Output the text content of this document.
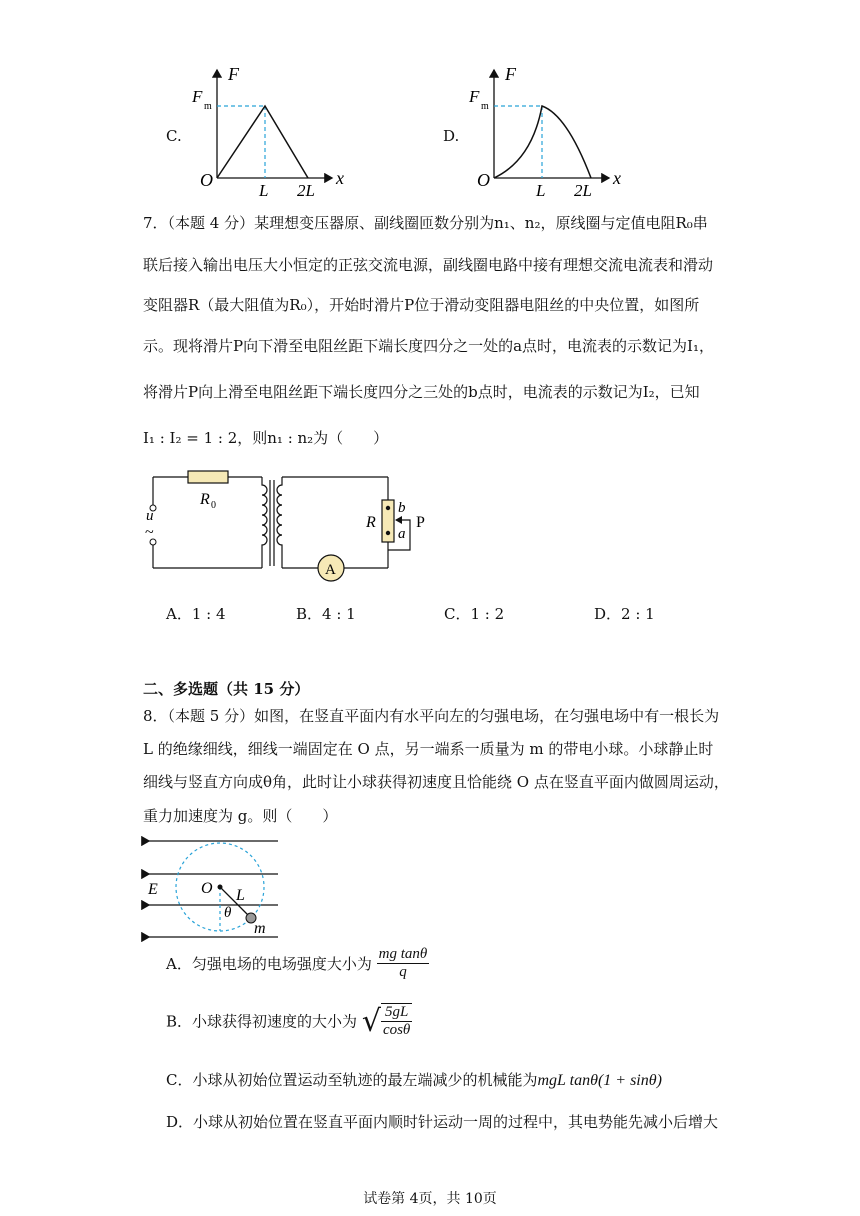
C.
F
F
m
x
O
L 2L
D.
F
F
m
x
O
L 2L
7．（本题 4 分）某理想变压器原、副线圈匝数分别为n₁、n₂，原线圈与定值电阻R₀串
联后接入输出电压大小恒定的正弦交流电源，副线圈电路中接有理想交流电流表和滑动
变阻器R（最大阻值为R₀），开始时滑片P位于滑动变阻器电阻丝的中央位置，如图所
示。现将滑片P向下滑至电阻丝距下端长度四分之一处的a点时，电流表的示数记为I₁，
将滑片P向上滑至电阻丝距下端长度四分之三处的b点时，电流表的示数记为I₂，已知
I₁ : I₂ = 1 : 2，则n₁ : n₂为（　　）
u
~
R 0
R
b
P
a
A
A．1 : 4	B．4 : 1	C．1 : 2	D．2 : 1
二、多选题（共 15 分）
8．（本题 5 分）如图，在竖直平面内有水平向左的匀强电场，在匀强电场中有一根长为
L 的绝缘细线，细线一端固定在 O 点，另一端系一质量为 m 的带电小球。小球静止时
细线与竖直方向成θ角，此时让小球获得初速度且恰能绕 O 点在竖直平面内做圆周运动，
重力加速度为 g。则（　　）
E	O L
θ
m
A．匀强电场的电场强度大小为 $\frac{\text{mg tanθ}}{q}$
B．小球获得初速度的大小为 √ $\frac{5gL}{\cos\theta}$
C．小球从初始位置运动至轨迹的最左端减少的机械能为mgL tanθ(1 + sinθ)
D．小球从初始位置在竖直平面内顺时针运动一周的过程中，其电势能先减小后增大
试卷第 4页，共 10页
